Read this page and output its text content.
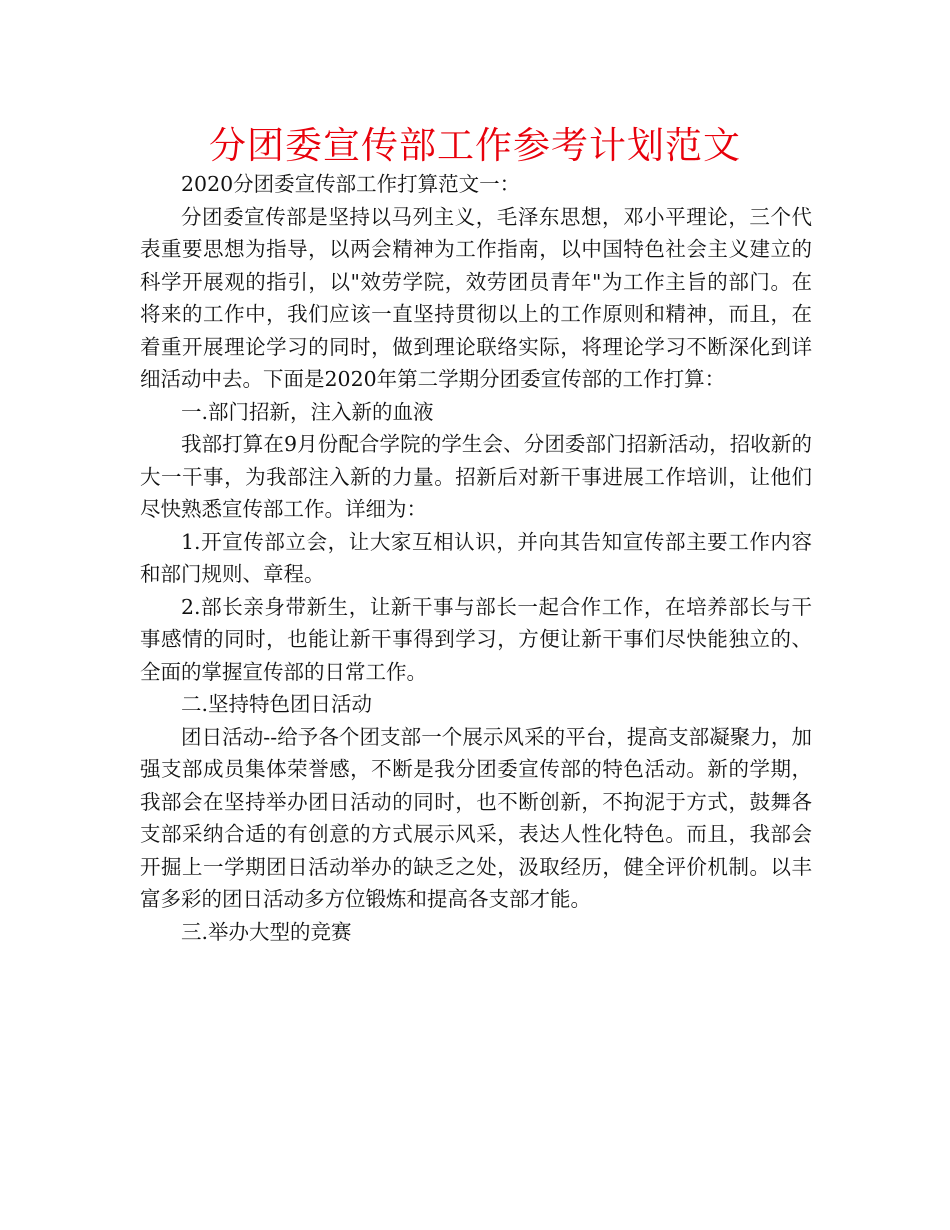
分团委宣传部工作参考计划范文

2020分团委宣传部工作打算范文一：

分团委宣传部是坚持以马列主义，毛泽东思想，邓小平理论，三个代表重要思想为指导，以两会精神为工作指南，以中国特色社会主义建立的科学开展观的指引，以"效劳学院，效劳团员青年"为工作主旨的部门。在将来的工作中，我们应该一直坚持贯彻以上的工作原则和精神，而且，在着重开展理论学习的同时，做到理论联络实际，将理论学习不断深化到详细活动中去。下面是2020年第二学期分团委宣传部的工作打算：

一.部门招新，注入新的血液

我部打算在9月份配合学院的学生会、分团委部门招新活动，招收新的大一干事，为我部注入新的力量。招新后对新干事进展工作培训，让他们尽快熟悉宣传部工作。详细为：

1.开宣传部立会，让大家互相认识，并向其告知宣传部主要工作内容和部门规则、章程。

2.部长亲身带新生，让新干事与部长一起合作工作，在培养部长与干事感情的同时，也能让新干事得到学习，方便让新干事们尽快能独立的、全面的掌握宣传部的日常工作。

二.坚持特色团日活动

团日活动--给予各个团支部一个展示风采的平台，提高支部凝聚力，加强支部成员集体荣誉感，不断是我分团委宣传部的特色活动。新的学期，我部会在坚持举办团日活动的同时，也不断创新，不拘泥于方式，鼓舞各支部采纳合适的有创意的方式展示风采，表达人性化特色。而且，我部会开掘上一学期团日活动举办的缺乏之处，汲取经历，健全评价机制。以丰富多彩的团日活动多方位锻炼和提高各支部才能。

三.举办大型的竞赛
